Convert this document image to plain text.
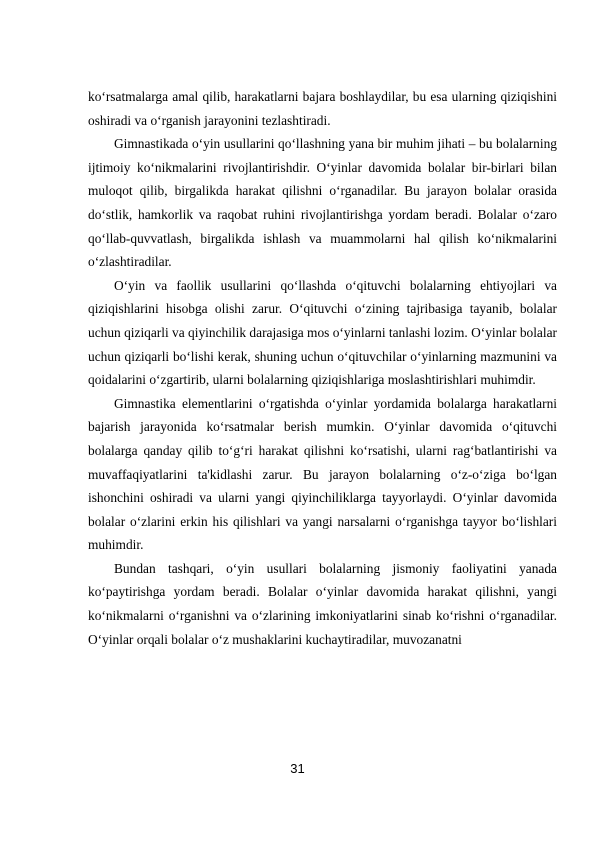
ko‘rsatmalarga amal qilib, harakatlarni bajara boshlaydilar, bu esa ularning qiziqishini oshiradi va o‘rganish jarayonini tezlashtiradi.

Gimnastikada o‘yin usullarini qo‘llashning yana bir muhim jihati – bu bolalarning ijtimoiy ko‘nikmalarini rivojlantirishdir. O‘yinlar davomida bolalar bir-birlari bilan muloqot qilib, birgalikda harakat qilishni o‘rganadilar. Bu jarayon bolalar orasida do‘stlik, hamkorlik va raqobat ruhini rivojlantirishga yordam beradi. Bolalar o‘zaro qo‘llab-quvvatlash, birgalikda ishlash va muammolarni hal qilish ko‘nikmalarini o‘zlashtiradilar.

O‘yin va faollik usullarini qo‘llashda o‘qituvchi bolalarning ehtiyojlari va qiziqishlarini hisobga olishi zarur. O‘qituvchi o‘zining tajribasiga tayanib, bolalar uchun qiziqarli va qiyinchilik darajasiga mos o‘yinlarni tanlashi lozim. O‘yinlar bolalar uchun qiziqarli bo‘lishi kerak, shuning uchun o‘qituvchilar o‘yinlarning mazmunini va qoidalarini o‘zgartirib, ularni bolalarning qiziqishlariga moslashtirishlari muhimdir.

Gimnastika elementlarini o‘rgatishda o‘yinlar yordamida bolalarga harakatlarni bajarish jarayonida ko‘rsatmalar berish mumkin. O‘yinlar davomida o‘qituvchi bolalarga qanday qilib to‘g‘ri harakat qilishni ko‘rsatishi, ularni rag‘batlantirishi va muvaffaqiyatlarini ta'kidlashi zarur. Bu jarayon bolalarning o‘z-o‘ziga bo‘lgan ishonchini oshiradi va ularni yangi qiyinchiliklarga tayyorlaydi. O‘yinlar davomida bolalar o‘zlarini erkin his qilishlari va yangi narsalarni o‘rganishga tayyor bo‘lishlari muhimdir.

Bundan tashqari, o‘yin usullari bolalarning jismoniy faoliyatini yanada ko‘paytirishga yordam beradi. Bolalar o‘yinlar davomida harakat qilishni, yangi ko‘nikmalarni o‘rganishni va o‘zlarining imkoniyatlarini sinab ko‘rishni o‘rganadilar. O‘yinlar orqali bolalar o‘z mushaklarini kuchaytiradilar, muvozanatni

31
